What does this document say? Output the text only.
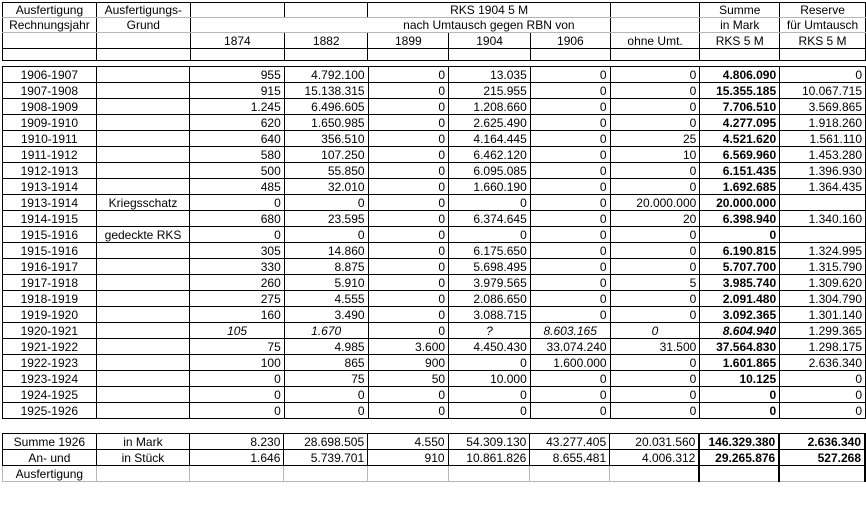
Ausfertigung	Ausfertigungs-			RKS 1904 5 M				Summe	Reserve
Rechnungsjahr	Grund			nach Umtausch gegen RBN von				in Mark	für Umtausch
		1874	1882	1899	1904	1906	ohne Umt.	RKS 5 M	RKS 5 M

1906-1907		955	4.792.100	0	13.035	0	0	4.806.090	0
1907-1908		915	15.138.315	0	215.955	0	0	15.355.185	10.067.715
1908-1909		1.245	6.496.605	0	1.208.660	0	0	7.706.510	3.569.865
1909-1910		620	1.650.985	0	2.625.490	0	0	4.277.095	1.918.260
1910-1911		640	356.510	0	4.164.445	0	25	4.521.620	1.561.110
1911-1912		580	107.250	0	6.462.120	0	10	6.569.960	1.453.280
1912-1913		500	55.850	0	6.095.085	0	0	6.151.435	1.396.930
1913-1914		485	32.010	0	1.660.190	0	0	1.692.685	1.364.435
1913-1914	Kriegsschatz	0	0	0	0	0	20.000.000	20.000.000	
1914-1915		680	23.595	0	6.374.645	0	20	6.398.940	1.340.160
1915-1916	gedeckte RKS	0	0	0	0	0	0	0	
1915-1916		305	14.860	0	6.175.650	0	0	6.190.815	1.324.995
1916-1917		330	8.875	0	5.698.495	0	0	5.707.700	1.315.790
1917-1918		260	5.910	0	3.979.565	0	5	3.985.740	1.309.620
1918-1919		275	4.555	0	2.086.650	0	0	2.091.480	1.304.790
1919-1920		160	3.490	0	3.088.715	0	0	3.092.365	1.301.140
1920-1921		105	1.670	0	?	8.603.165	0	8.604.940	1.299.365
1921-1922		75	4.985	3.600	4.450.430	33.074.240	31.500	37.564.830	1.298.175
1922-1923		100	865	900	0	1.600.000	0	1.601.865	2.636.340
1923-1924		0	75	50	10.000	0	0	10.125	0
1924-1925		0	0	0	0	0	0	0	0
1925-1926		0	0	0	0	0	0	0	0
Summe 1926	in Mark	8.230	28.698.505	4.550	54.309.130	43.277.405	20.031.560	146.329.380	2.636.340
An- und	in Stück	1.646	5.739.701	910	10.861.826	8.655.481	4.006.312	29.265.876	527.268
Ausfertigung									
